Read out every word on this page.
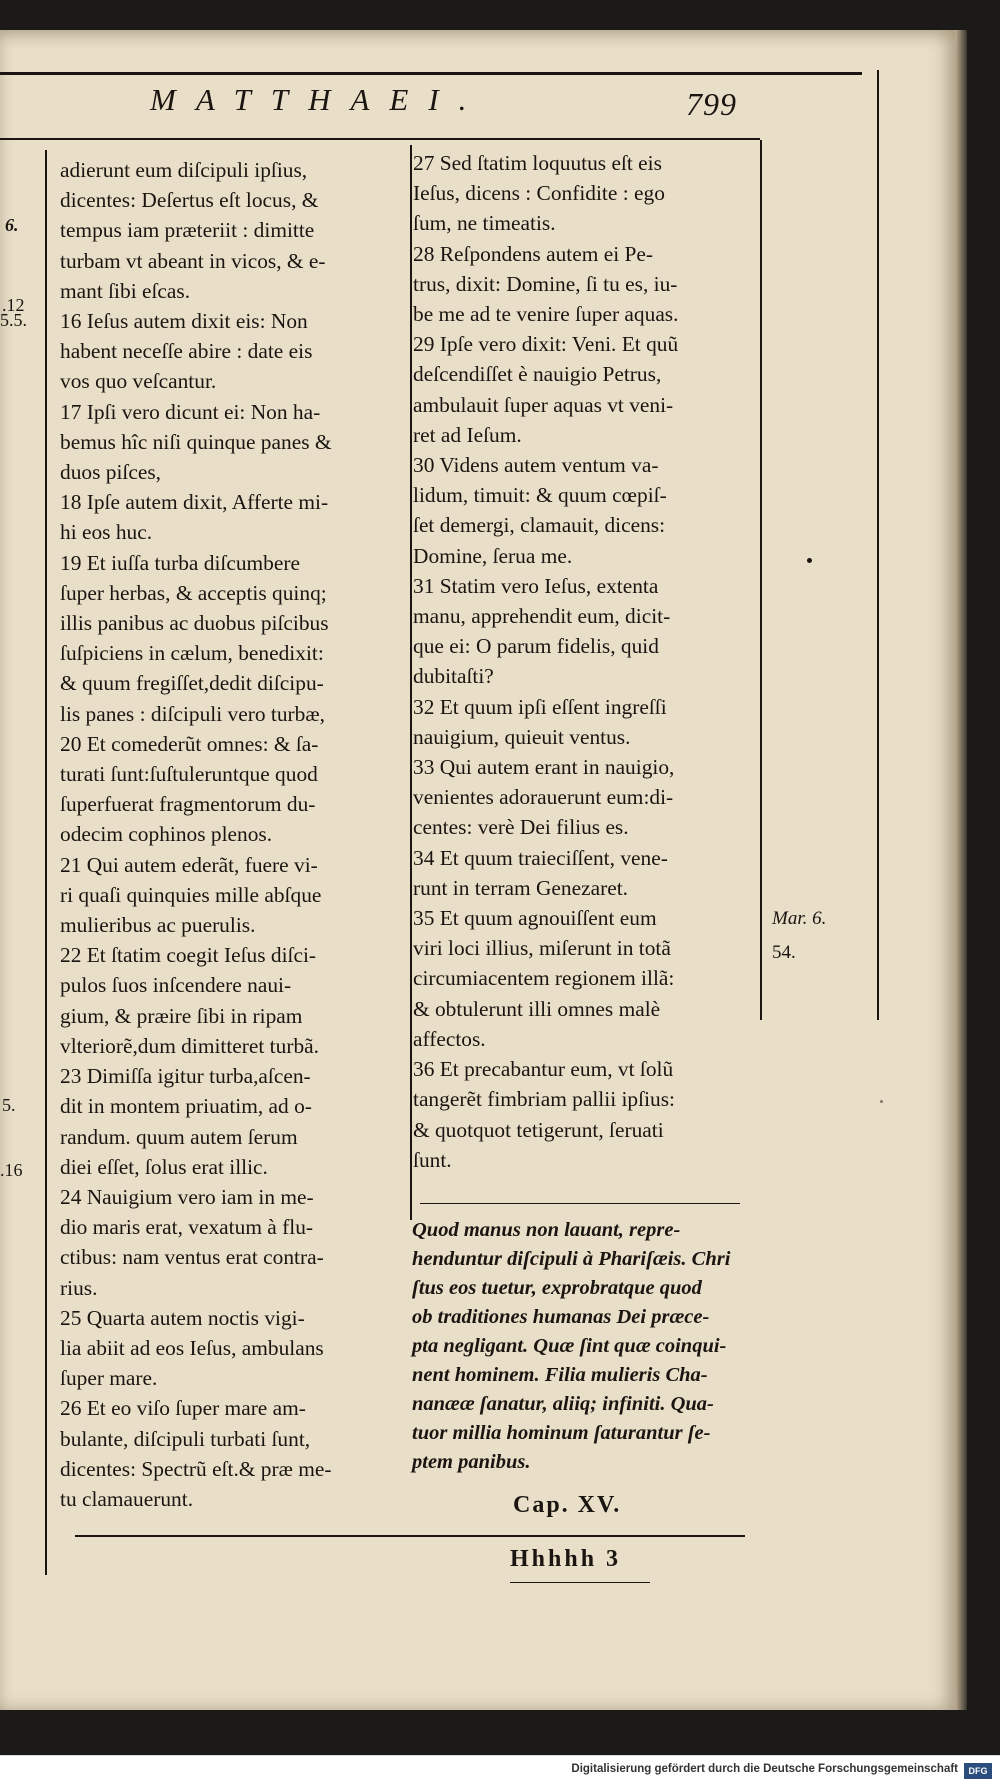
MATTHAEI.	799

adierunt eum diſcipuli ipſius,

dicentes: Deſertus eſt locus, &

tempus iam prӕteriit : dimitte

turbam vt abeant in vicos, & e-

mant ſibi eſcas.

16 Ieſus autem dixit eis: Non

habent neceſſe abire : date eis

vos quo veſcantur.

17 Ipſi vero dicunt ei: Non ha-

bemus hîc niſi quinque panes &

duos piſces,

18 Ipſe autem dixit, Afferte mi-

hi eos huc.

19 Et iuſſa turba diſcumbere

ſuper herbas, & acceptis quinq;

illis panibus ac duobus piſcibus

ſuſpiciens in cælum, benedixit:

& quum fregiſſet,dedit diſcipu-

lis panes : diſcipuli vero turbæ,

20 Et comederũt omnes: & ſa-

turati ſunt:ſuſtuleruntque quod

ſuperfuerat fragmentorum du-

odecim cophinos plenos.

21 Qui autem ederãt, fuere vi-

ri quaſi quinquies mille abſque

mulieribus ac puerulis.

22 Et ſtatim coegit Ieſus diſci-

pulos ſuos inſcendere naui-

gium, & præire ſibi in ripam

vlteriorẽ,dum dimitteret turbã.

23 Dimiſſa igitur turba,aſcen-

dit in montem priuatim, ad o-

randum. quum autem ſerum

diei eſſet, ſolus erat illic.

24 Nauigium vero iam in me-

dio maris erat, vexatum à flu-

ctibus: nam ventus erat contra-

rius.

25 Quarta autem noctis vigi-

lia abiit ad eos Ieſus, ambulans

ſuper mare.

26 Et eo viſo ſuper mare am-

bulante, diſcipuli turbati ſunt,

dicentes: Spectrũ eſt.& præ me-

tu clamauerunt.

27 Sed ſtatim loquutus eſt eis

Ieſus, dicens : Confidite : ego

ſum, ne timeatis.

28 Reſpondens autem ei Pe-

trus, dixit: Domine, ſi tu es, iu-

be me ad te venire ſuper aquas.

29 Ipſe vero dixit: Veni. Et quũ

deſcendiſſet è nauigio Petrus,

ambulauit ſuper aquas vt veni-

ret ad Ieſum.

30 Videns autem ventum va-

lidum, timuit: & quum cœpiſ-

ſet demergi, clamauit, dicens:

Domine, ſerua me.

31 Statim vero Ieſus, extenta

manu, apprehendit eum, dicit-

que ei: O parum fidelis, quid

dubitaſti?

32 Et quum ipſi eſſent ingreſſi

nauigium, quieuit ventus.

33 Qui autem erant in nauigio,

venientes adorauerunt eum:di-

centes: verè Dei filius es.

34 Et quum traieciſſent, vene-

runt in terram Genezaret.

35 Et quum agnouiſſent eum

viri loci illius, miſerunt in totã

circumiacentem regionem illã:

& obtulerunt illi omnes malè

affectos.

36 Et precabantur eum, vt ſolũ

tangerẽt fimbriam pallii ipſius:

& quotquot tetigerunt, ſeruati

ſunt.

Quod manus non lauant, repre-

henduntur diſcipuli à Phariſæis. Chri

ſtus eos tuetur, exprobratque quod

ob traditiones humanas Dei præce-

pta negligant. Quæ ſint quæ coinqui-

nent hominem. Filia mulieris Cha-

nanææ ſanatur, aliiq; infiniti. Qua-

tuor millia hominum ſaturantur ſe-

ptem panibus.

Cap. XV.
Hhhhh 3
Mar. 6.
54.
6.
.12
5.5.
5.
.16
Digitalisierung gefördert durch die Deutsche Forschungsgemeinschaft	DFG
